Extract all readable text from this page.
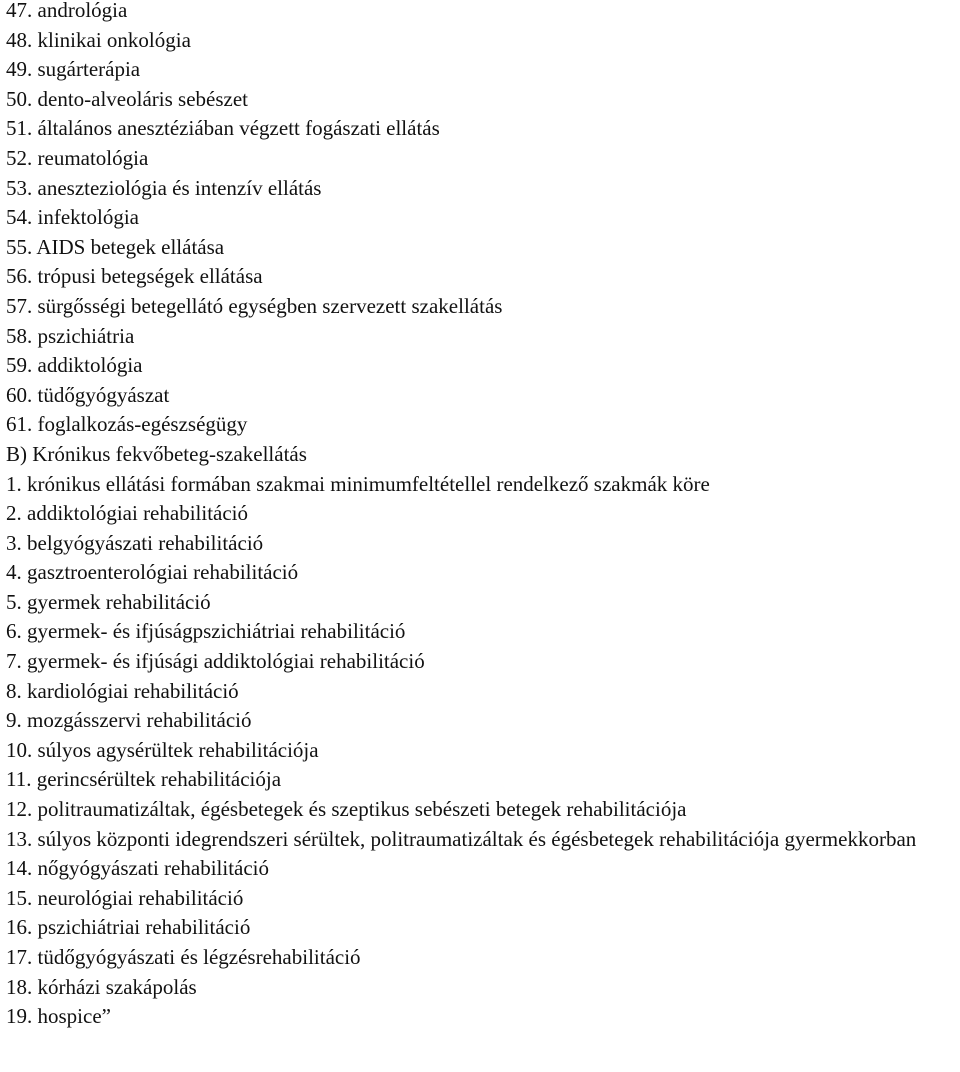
47. andrológia
48. klinikai onkológia
49. sugárterápia
50. dento-alveoláris sebészet
51. általános anesztéziában végzett fogászati ellátás
52. reumatológia
53. aneszteziológia és intenzív ellátás
54. infektológia
55. AIDS betegek ellátása
56. trópusi betegségek ellátása
57. sürgősségi betegellátó egységben szervezett szakellátás
58. pszichiátria
59. addiktológia
60. tüdőgyógyászat
61. foglalkozás-egészségügy
B) Krónikus fekvőbeteg-szakellátás
1. krónikus ellátási formában szakmai minimumfeltétellel rendelkező szakmák köre
2. addiktológiai rehabilitáció
3. belgyógyászati rehabilitáció
4. gasztroenterológiai rehabilitáció
5. gyermek rehabilitáció
6. gyermek- és ifjúságpszichiátriai rehabilitáció
7. gyermek- és ifjúsági addiktológiai rehabilitáció
8. kardiológiai rehabilitáció
9. mozgásszervi rehabilitáció
10. súlyos agysérültek rehabilitációja
11. gerincsérültek rehabilitációja
12. politraumatizáltak, égésbetegek és szeptikus sebészeti betegek rehabilitációja
13. súlyos központi idegrendszeri sérültek, politraumatizáltak és égésbetegek rehabilitációja gyermekkorban
14. nőgyógyászati rehabilitáció
15. neurológiai rehabilitáció
16. pszichiátriai rehabilitáció
17. tüdőgyógyászati és légzésrehabilitáció
18. kórházi szakápolás
19. hospice”
